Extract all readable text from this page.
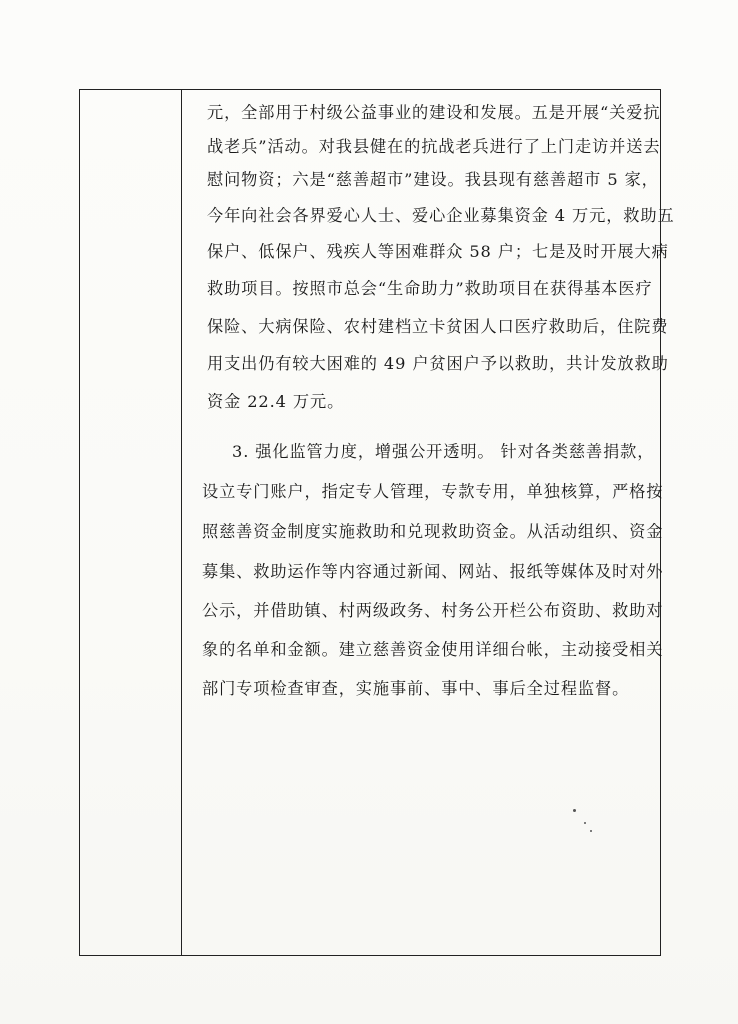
元，全部用于村级公益事业的建设和发展。五是开展“关爱抗
战老兵”活动。对我县健在的抗战老兵进行了上门走访并送去
慰问物资；六是“慈善超市”建设。我县现有慈善超市 5 家，
今年向社会各界爱心人士、爱心企业募集资金 4 万元，救助五
保户、低保户、残疾人等困难群众 58 户；七是及时开展大病
救助项目。按照市总会“生命助力”救助项目在获得基本医疗
保险、大病保险、农村建档立卡贫困人口医疗救助后，住院费
用支出仍有较大困难的 49 户贫困户予以救助，共计发放救助
资金 22.4 万元。
3. 强化监管力度，增强公开透明。 针对各类慈善捐款，
设立专门账户，指定专人管理，专款专用，单独核算，严格按
照慈善资金制度实施救助和兑现救助资金。从活动组织、资金
募集、救助运作等内容通过新闻、网站、报纸等媒体及时对外
公示，并借助镇、村两级政务、村务公开栏公布资助、救助对
象的名单和金额。建立慈善资金使用详细台帐，主动接受相关
部门专项检查审查，实施事前、事中、事后全过程监督。
